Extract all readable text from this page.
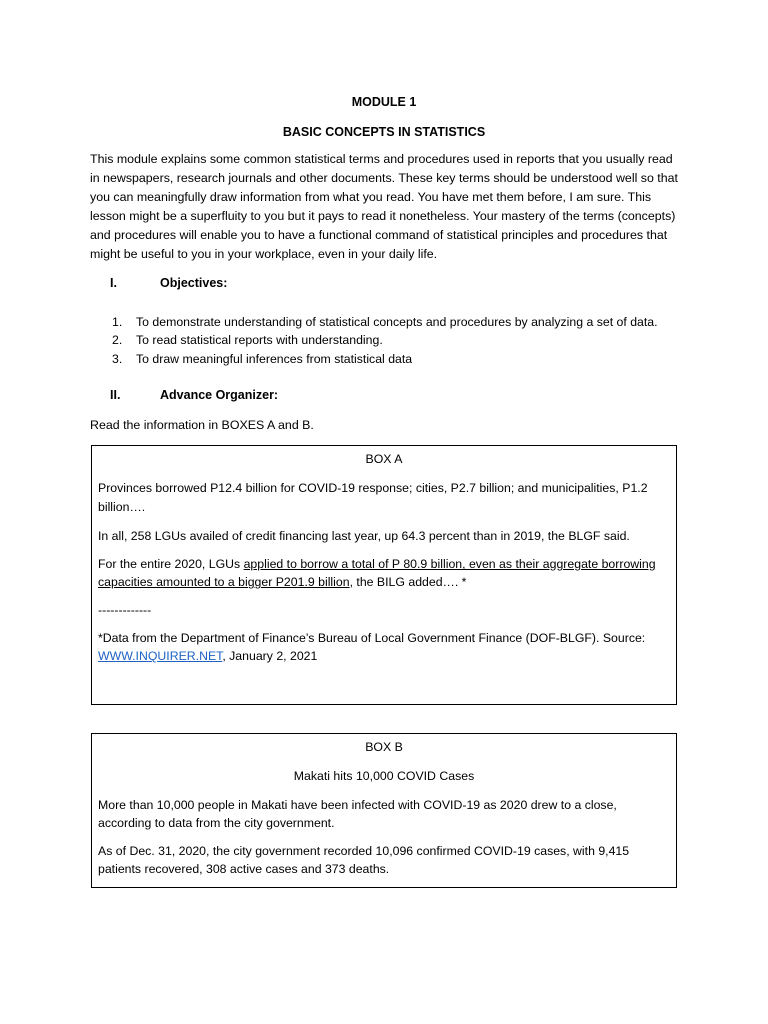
MODULE 1
BASIC CONCEPTS IN STATISTICS
This module explains some common statistical terms and procedures used in reports that you usually read in newspapers, research journals and other documents. These key terms should be understood well so that you can meaningfully draw information from what you read. You have met them before, I am sure. This lesson might be a superfluity to you but it pays to read it nonetheless. Your mastery of the terms (concepts) and procedures will enable you to have a functional command of statistical principles and procedures that might be useful to you in your workplace, even in your daily life.
I.	Objectives:
1. To demonstrate understanding of statistical concepts and procedures by analyzing a set of data.
2. To read statistical reports with understanding.
3. To draw meaningful inferences from statistical data
II.	Advance Organizer:
Read the information in BOXES A and B.
BOX A

Provinces borrowed P12.4 billion for COVID-19 response; cities, P2.7 billion; and municipalities, P1.2 billion….

In all, 258 LGUs availed of credit financing last year, up 64.3 percent than in 2019, the BLGF said.

For the entire 2020, LGUs applied to borrow a total of P 80.9 billion, even as their aggregate borrowing capacities amounted to a bigger P201.9 billion, the BILG added…. *

-------------

*Data from the Department of Finance’s Bureau of Local Government Finance (DOF-BLGF). Source: WWW.INQUIRER.NET, January 2, 2021

BOX B
Makati hits 10,000 COVID Cases

More than 10,000 people in Makati have been infected with COVID-19 as 2020 drew to a close, according to data from the city government.

As of Dec. 31, 2020, the city government recorded 10,096 confirmed COVID-19 cases, with 9,415 patients recovered, 308 active cases and 373 deaths.
